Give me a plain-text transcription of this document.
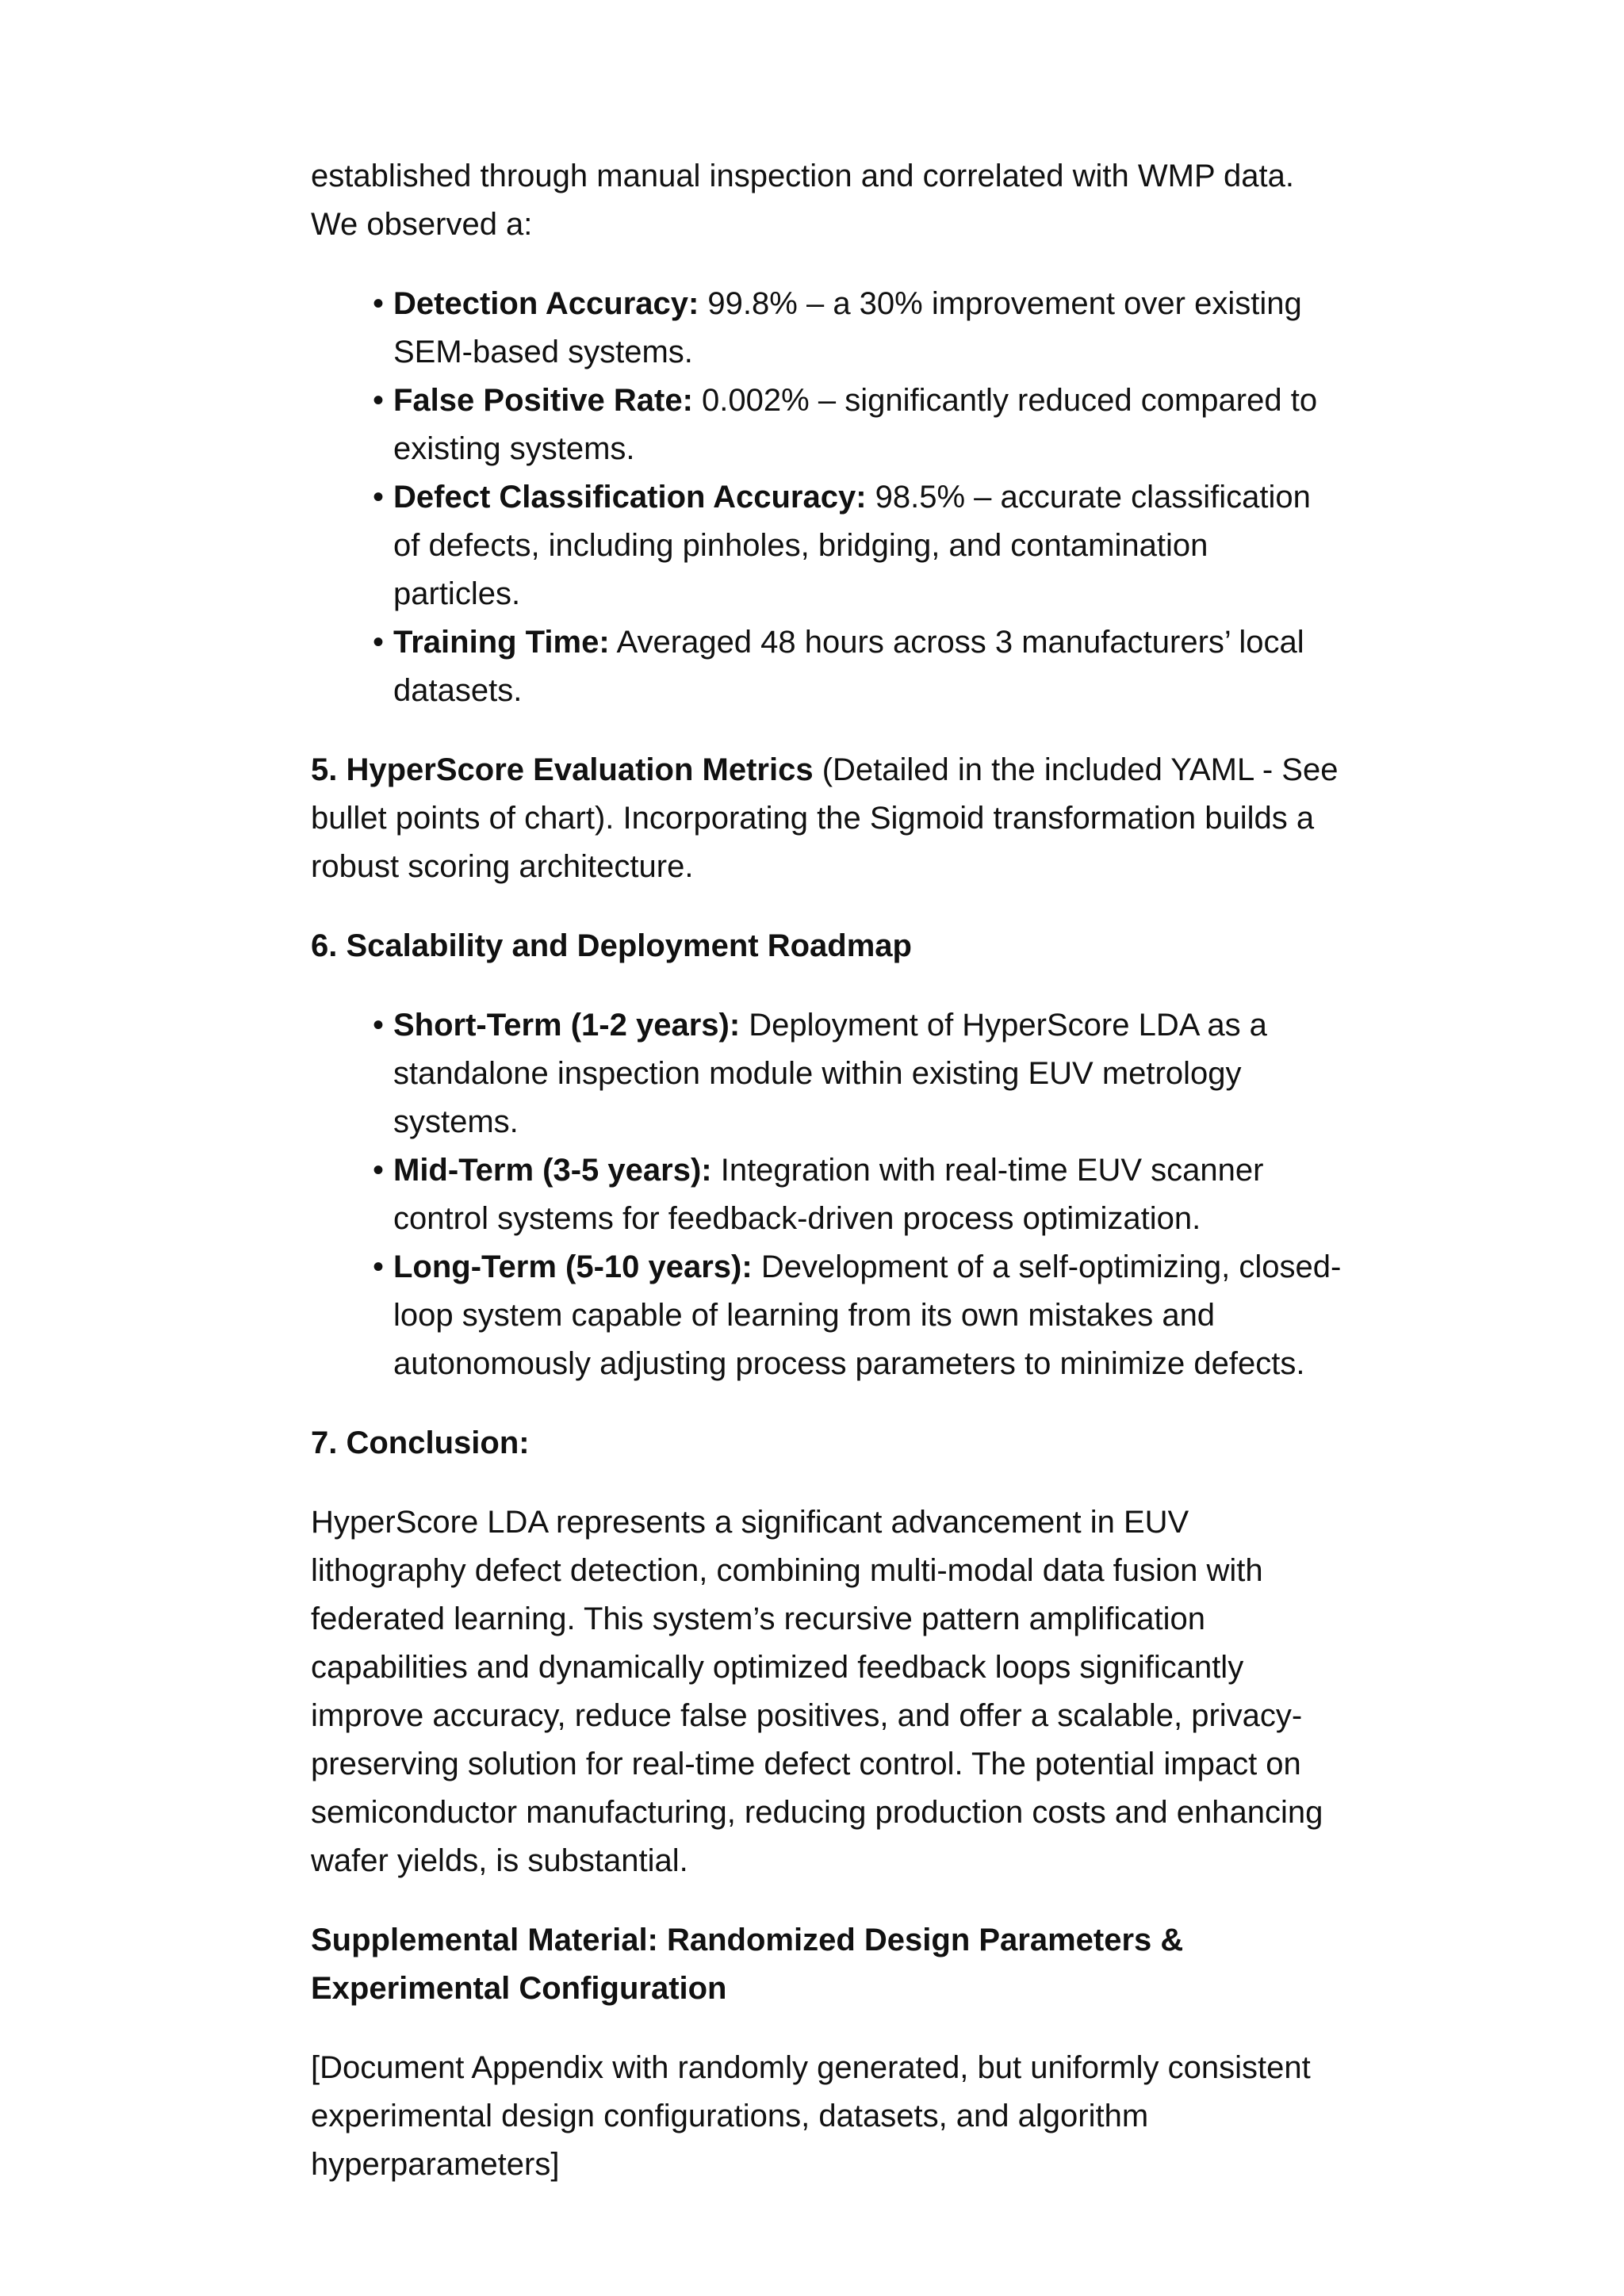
established through manual inspection and correlated with WMP data.
We observed a:

• Detection Accuracy: 99.8% – a 30% improvement over existing SEM-based systems.
• False Positive Rate: 0.002% – significantly reduced compared to existing systems.
• Defect Classification Accuracy: 98.5% – accurate classification of defects, including pinholes, bridging, and contamination particles.
• Training Time: Averaged 48 hours across 3 manufacturers’ local datasets.

5. HyperScore Evaluation Metrics (Detailed in the included YAML - See bullet points of chart). Incorporating the Sigmoid transformation builds a robust scoring architecture.

6. Scalability and Deployment Roadmap
• Short-Term (1-2 years): Deployment of HyperScore LDA as a standalone inspection module within existing EUV metrology systems.
• Mid-Term (3-5 years): Integration with real-time EUV scanner control systems for feedback-driven process optimization.
• Long-Term (5-10 years): Development of a self-optimizing, closed-loop system capable of learning from its own mistakes and autonomously adjusting process parameters to minimize defects.
7. Conclusion:

HyperScore LDA represents a significant advancement in EUV lithography defect detection, combining multi-modal data fusion with federated learning. This system’s recursive pattern amplification capabilities and dynamically optimized feedback loops significantly improve accuracy, reduce false positives, and offer a scalable, privacy-preserving solution for real-time defect control. The potential impact on semiconductor manufacturing, reducing production costs and enhancing wafer yields, is substantial.

Supplemental Material: Randomized Design Parameters & Experimental Configuration

[Document Appendix with randomly generated, but uniformly consistent experimental design configurations, datasets, and algorithm hyperparameters]
